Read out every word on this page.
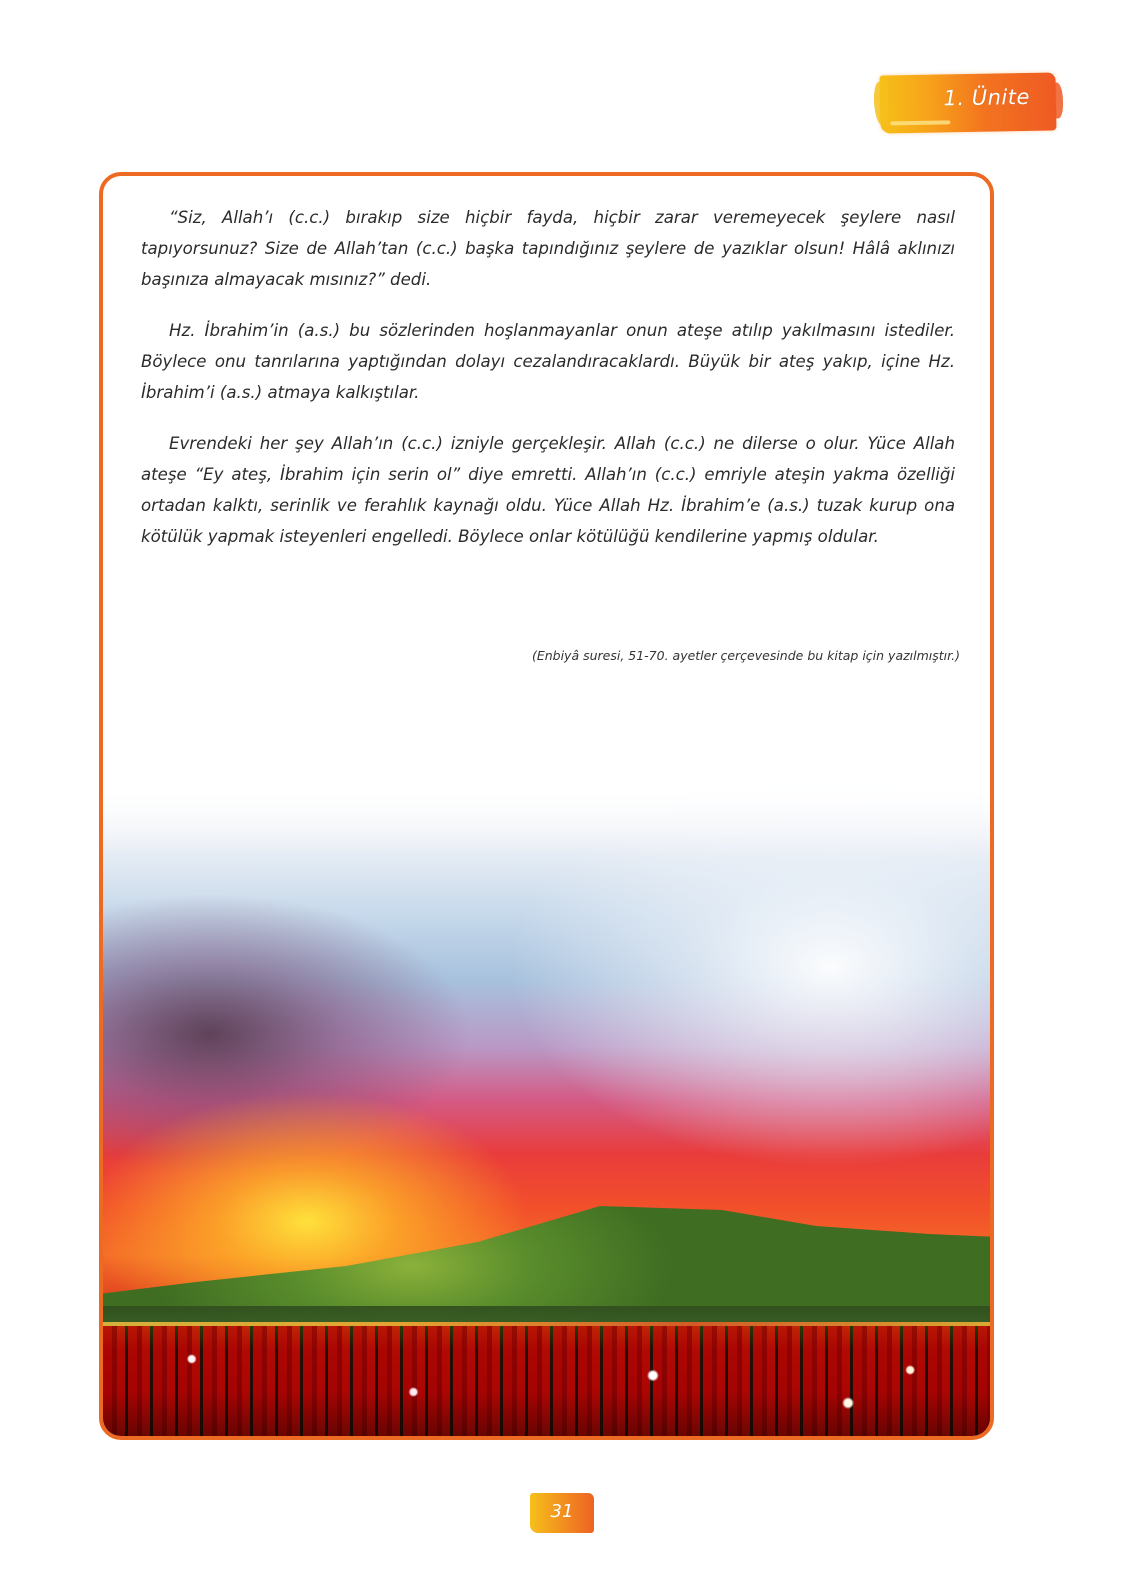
1. Ünite

“Siz, Allah’ı (c.c.) bırakıp size hiçbir fayda, hiçbir zarar veremeyecek şeylere nasıl tapıyorsunuz? Size de Allah’tan (c.c.) başka tapındığınız şeylere de yazıklar olsun! Hâlâ aklınızı başınıza almayacak mısınız?” dedi.

Hz. İbrahim’in (a.s.) bu sözlerinden hoşlanmayanlar onun ateşe atılıp yakılmasını istediler. Böylece onu tanrılarına yaptığından dolayı cezalandıracaklardı. Büyük bir ateş yakıp, içine Hz. İbrahim’i (a.s.) atmaya kalkıştılar.

Evrendeki her şey Allah’ın (c.c.) izniyle gerçekleşir. Allah (c.c.) ne dilerse o olur. Yüce Allah ateşe “Ey ateş, İbrahim için serin ol” diye emretti. Allah’ın (c.c.) emriyle ateşin yakma özelliği ortadan kalktı, serinlik ve ferahlık kaynağı oldu. Yüce Allah Hz. İbrahim’e (a.s.) tuzak kurup ona kötülük yapmak isteyenleri engelledi. Böylece onlar kötülüğü kendilerine yapmış oldular.

(Enbiyâ suresi, 51-70. ayetler çerçevesinde bu kitap için yazılmıştır.)
31
